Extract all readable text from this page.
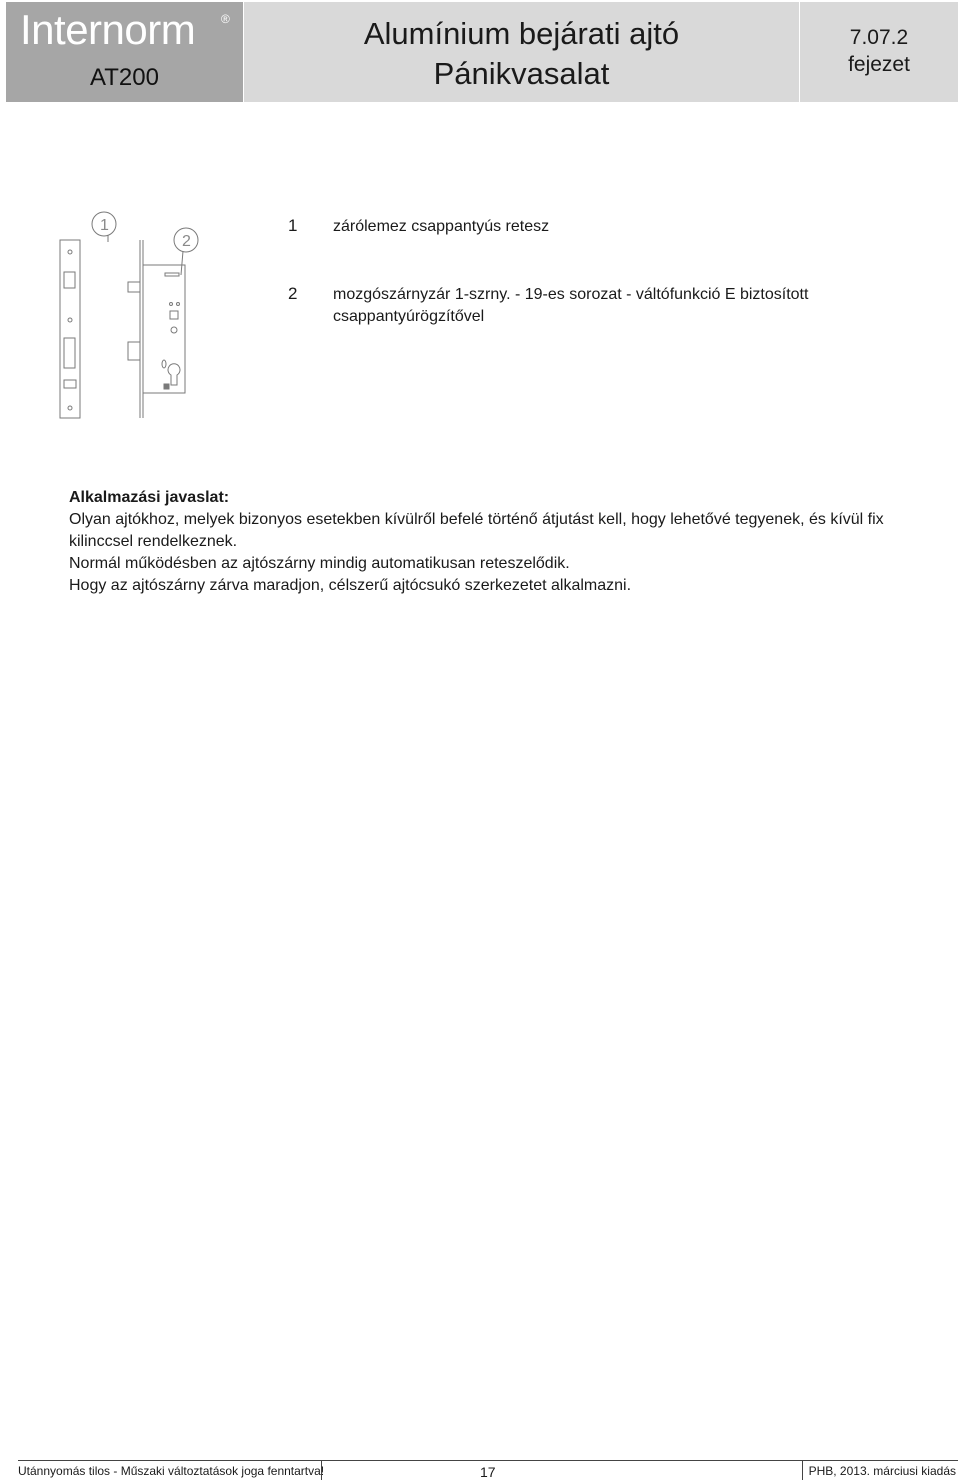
Internorm ®
AT200
Alumínium bejárati ajtó
Pánikvasalat
7.07.2
fejezet
1
2
1 zárólemez csappantyús retesz
2 mozgószárnyzár 1-szrny. - 19-es sorozat - váltófunkció E biztosított csappantyúrögzítővel
Alkalmazási javaslat:

Olyan ajtókhoz, melyek bizonyos esetekben kívülről befelé történő átjutást kell, hogy lehetővé tegyenek, és kívül fix kilinccsel rendelkeznek.

Normál működésben az ajtószárny mindig automatikusan reteszelődik.

Hogy az ajtószárny zárva maradjon, célszerű ajtócsukó szerkezetet alkalmazni.

Utánnyomás tilos - Műszaki változtatások joga fenntartva!	17	PHB, 2013. márciusi kiadás
